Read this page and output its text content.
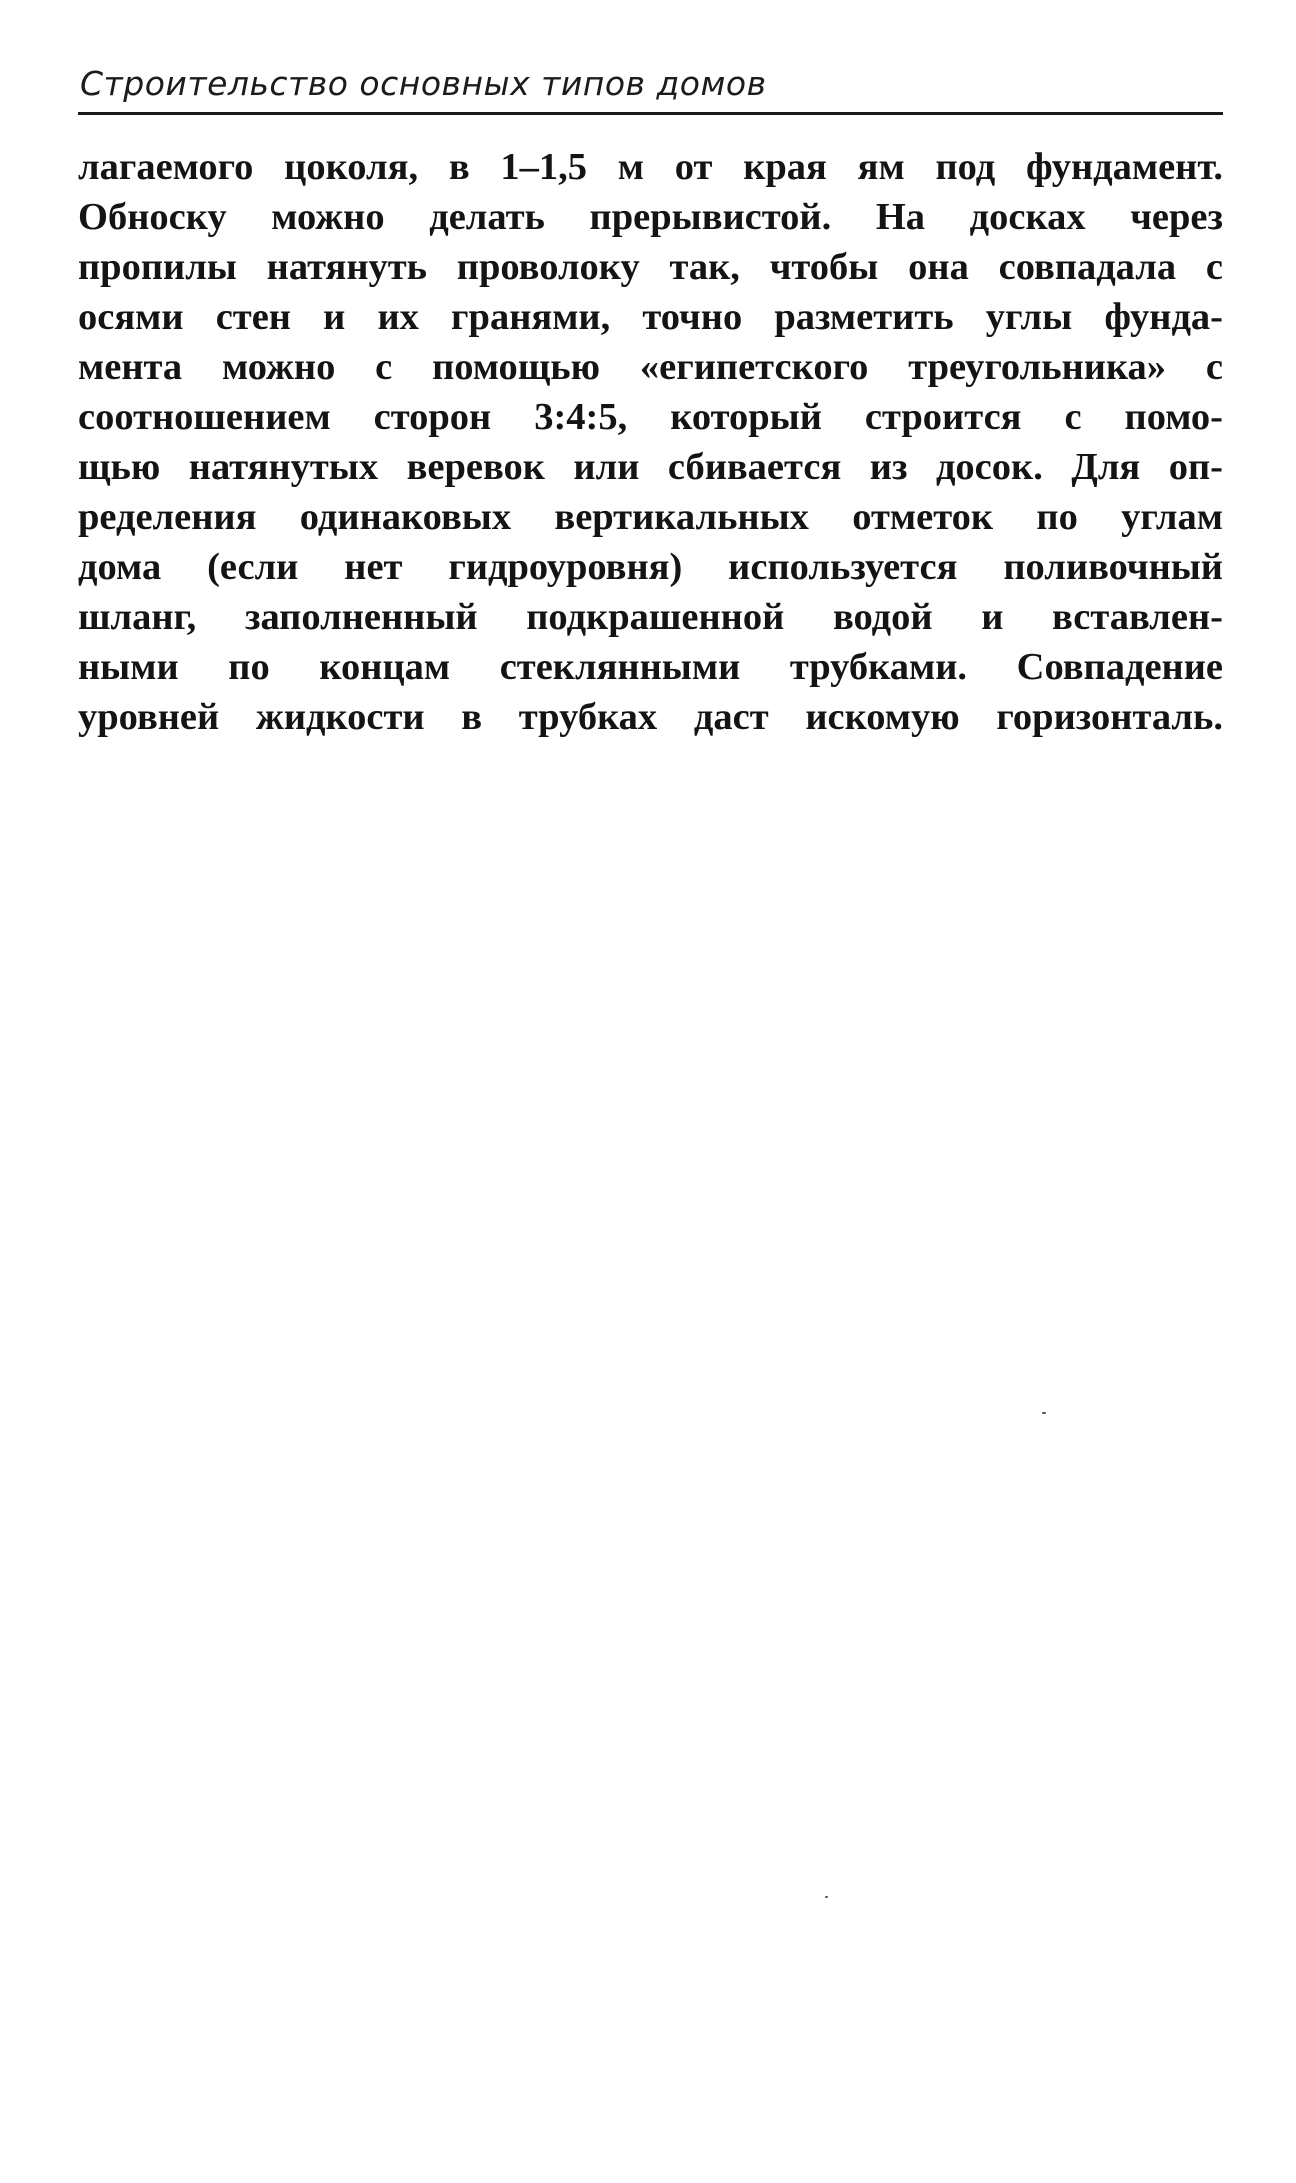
Строительство основных типов домов
лагаемого цоколя, в 1–1,5 м от края ям под фундамент.
Обноску можно делать прерывистой. На досках через
пропилы натянуть проволоку так, чтобы она совпадала с
осями стен и их гранями, точно разметить углы фунда-
мента можно с помощью «египетского треугольника» с
соотношением сторон 3:4:5, который строится с помо-
щью натянутых веревок или сбивается из досок. Для оп-
ределения одинаковых вертикальных отметок по углам
дома (если нет гидроуровня) используется поливочный
шланг, заполненный подкрашенной водой и вставлен-
ными по концам стеклянными трубками. Совпадение
уровней жидкости в трубках даст искомую горизонталь.
